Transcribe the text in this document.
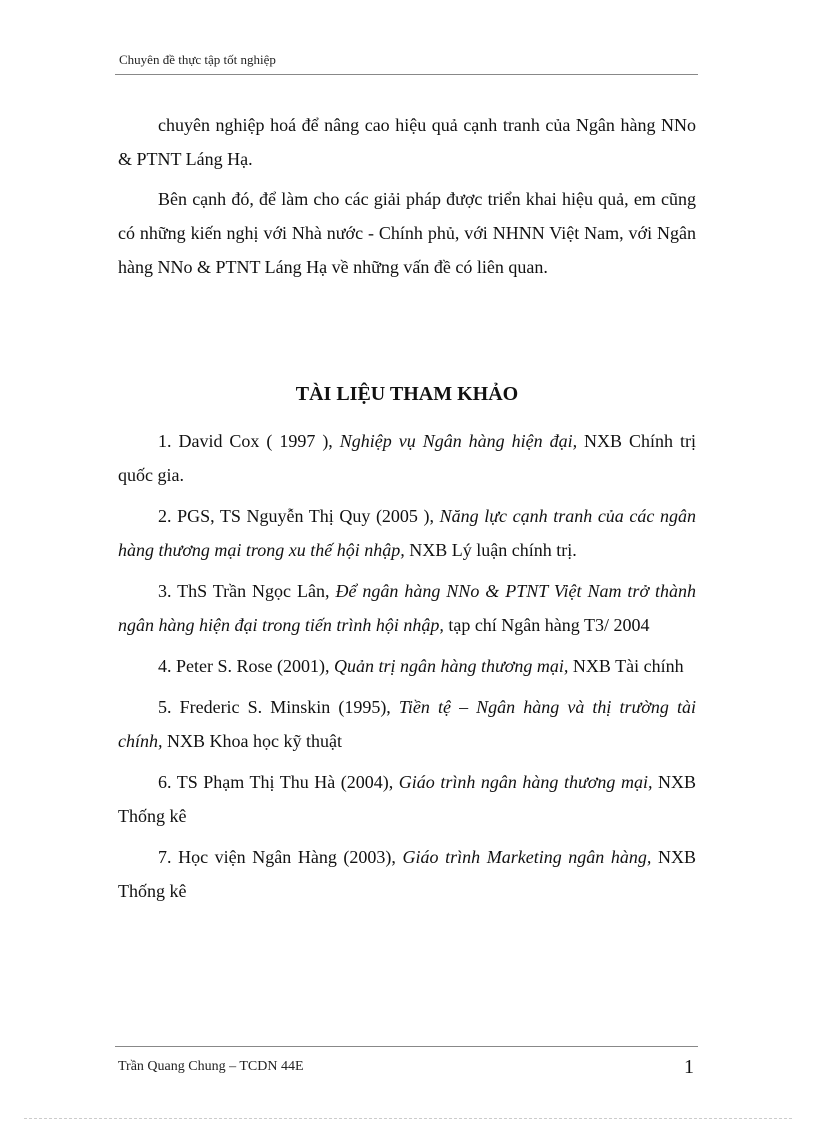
Chuyên đề thực tập tốt nghiệp

chuyên nghiệp hoá để nâng cao hiệu quả cạnh tranh của Ngân hàng NNo & PTNT Láng Hạ.

Bên cạnh đó, để làm cho các giải pháp được triển khai hiệu quả, em cũng có những kiến nghị với Nhà nước - Chính phủ, với NHNN Việt Nam, với Ngân hàng NNo & PTNT Láng Hạ về những vấn đề có liên quan.

TÀI LIỆU THAM KHẢO

1. David Cox ( 1997 ), Nghiệp vụ Ngân hàng hiện đại, NXB Chính trị quốc gia.

2. PGS, TS Nguyễn Thị Quy (2005 ), Năng lực cạnh tranh của các ngân hàng thương mại trong xu thế hội nhập, NXB Lý luận chính trị.

3. ThS Trần Ngọc Lân, Để ngân hàng NNo & PTNT Việt Nam trở thành ngân hàng hiện đại trong tiến trình hội nhập, tạp chí Ngân hàng T3/ 2004

4. Peter S. Rose (2001), Quản trị ngân hàng thương mại, NXB Tài chính

5. Frederic S. Minskin (1995), Tiền tệ – Ngân hàng và thị trường tài chính, NXB Khoa học kỹ thuật

6. TS Phạm Thị Thu Hà (2004), Giáo trình ngân hàng thương mại, NXB Thống kê

7. Học viện Ngân Hàng (2003), Giáo trình Marketing ngân hàng, NXB Thống kê

Trần Quang Chung – TCDN 44E	1
